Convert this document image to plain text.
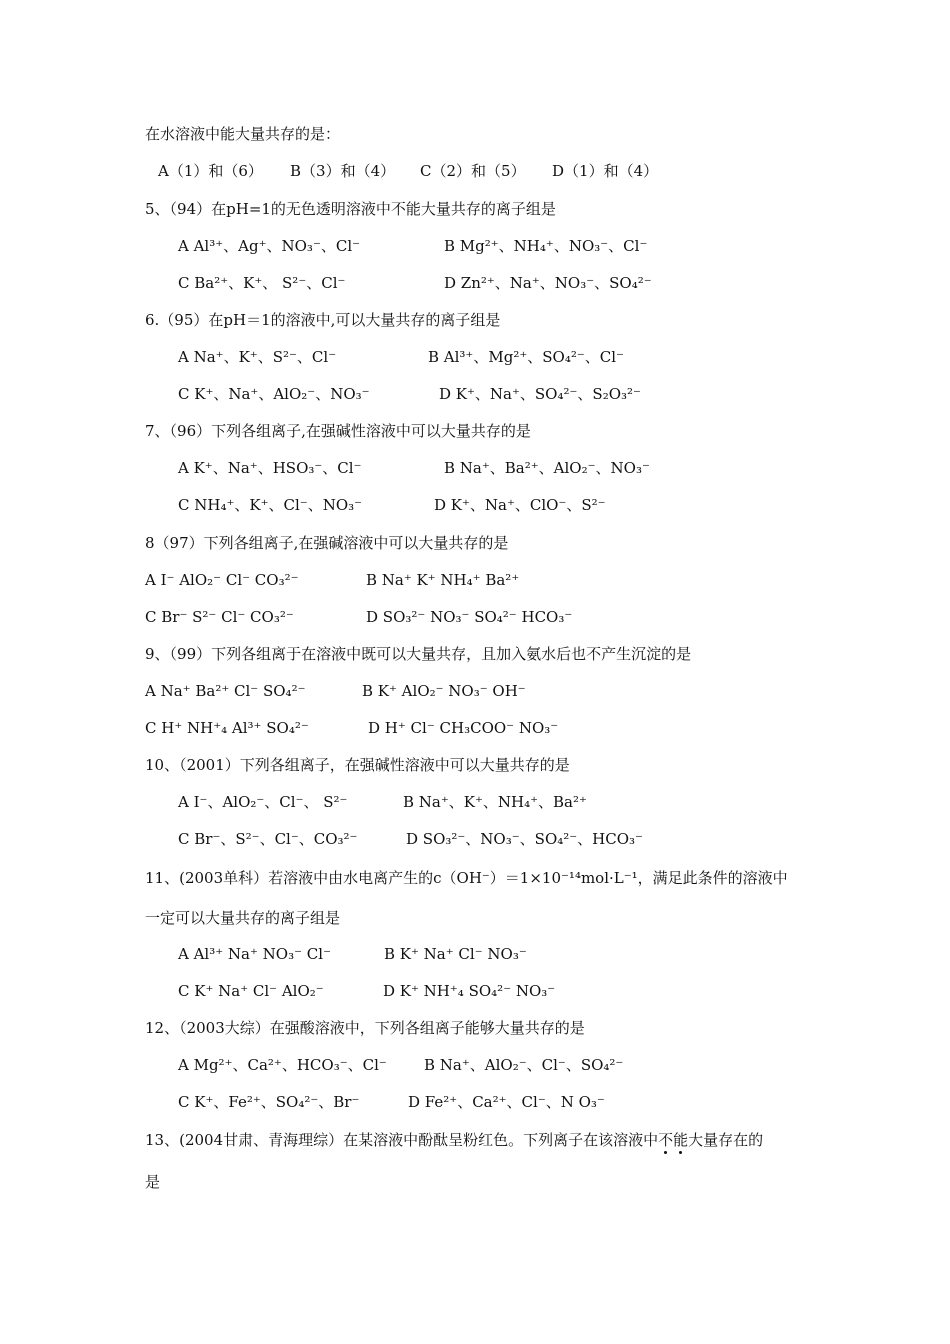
在水溶液中能大量共存的是：
A（1）和（6） B（3）和（4） C（2）和（5） D（1）和（4）
5、（94）在pH=1的无色透明溶液中不能大量共存的离子组是
A Al³⁺、Ag⁺、NO₃⁻、Cl⁻	B Mg²⁺、NH₄⁺、NO₃⁻、Cl⁻
C Ba²⁺、K⁺、 S²⁻、Cl⁻	D Zn²⁺、Na⁺、NO₃⁻、SO₄²⁻
6.（95）在pH＝1的溶液中,可以大量共存的离子组是
A Na⁺、K⁺、S²⁻、Cl⁻	B Al³⁺、Mg²⁺、SO₄²⁻、Cl⁻
C K⁺、Na⁺、AlO₂⁻、NO₃⁻	D K⁺、Na⁺、SO₄²⁻、S₂O₃²⁻
7、（96）下列各组离子,在强碱性溶液中可以大量共存的是
A K⁺、Na⁺、HSO₃⁻、Cl⁻	B Na⁺、Ba²⁺、AlO₂⁻、NO₃⁻
C NH₄⁺、K⁺、Cl⁻、NO₃⁻	D K⁺、Na⁺、ClO⁻、S²⁻
8（97）下列各组离子,在强碱溶液中可以大量共存的是
A I⁻ AlO₂⁻ Cl⁻ CO₃²⁻	B Na⁺ K⁺ NH₄⁺ Ba²⁺
C Br⁻ S²⁻ Cl⁻ CO₃²⁻	D SO₃²⁻ NO₃⁻ SO₄²⁻ HCO₃⁻
9、（99）下列各组离于在溶液中既可以大量共存，且加入氨水后也不产生沉淀的是
A Na⁺ Ba²⁺ Cl⁻ SO₄²⁻	B K⁺ AlO₂⁻ NO₃⁻ OH⁻
C H⁺ NH⁺₄ Al³⁺ SO₄²⁻	D H⁺ Cl⁻ CH₃COO⁻ NO₃⁻
10、（2001）下列各组离子，在强碱性溶液中可以大量共存的是
A I⁻、AlO₂⁻、Cl⁻、 S²⁻	B Na⁺、K⁺、NH₄⁺、Ba²⁺
C Br⁻、S²⁻、Cl⁻、CO₃²⁻	D SO₃²⁻、NO₃⁻、SO₄²⁻、HCO₃⁻
11、(2003单科）若溶液中由水电离产生的c（OH⁻）＝1×10⁻¹⁴mol·L⁻¹，满足此条件的溶液中
一定可以大量共存的离子组是
A Al³⁺ Na⁺ NO₃⁻ Cl⁻	B K⁺ Na⁺ Cl⁻ NO₃⁻
C K⁺ Na⁺ Cl⁻ AlO₂⁻	D K⁺ NH⁺₄ SO₄²⁻ NO₃⁻
12、（2003大综）在强酸溶液中，下列各组离子能够大量共存的是
A Mg²⁺、Ca²⁺、HCO₃⁻、Cl⁻ B Na⁺、AlO₂⁻、Cl⁻、SO₄²⁻
C K⁺、Fe²⁺、SO₄²⁻、Br⁻	D Fe²⁺、Ca²⁺、Cl⁻、N O₃⁻
13、(2004甘肃、青海理综）在某溶液中酚酞呈粉红色。下列离子在该溶液中不能大量存在的
是
